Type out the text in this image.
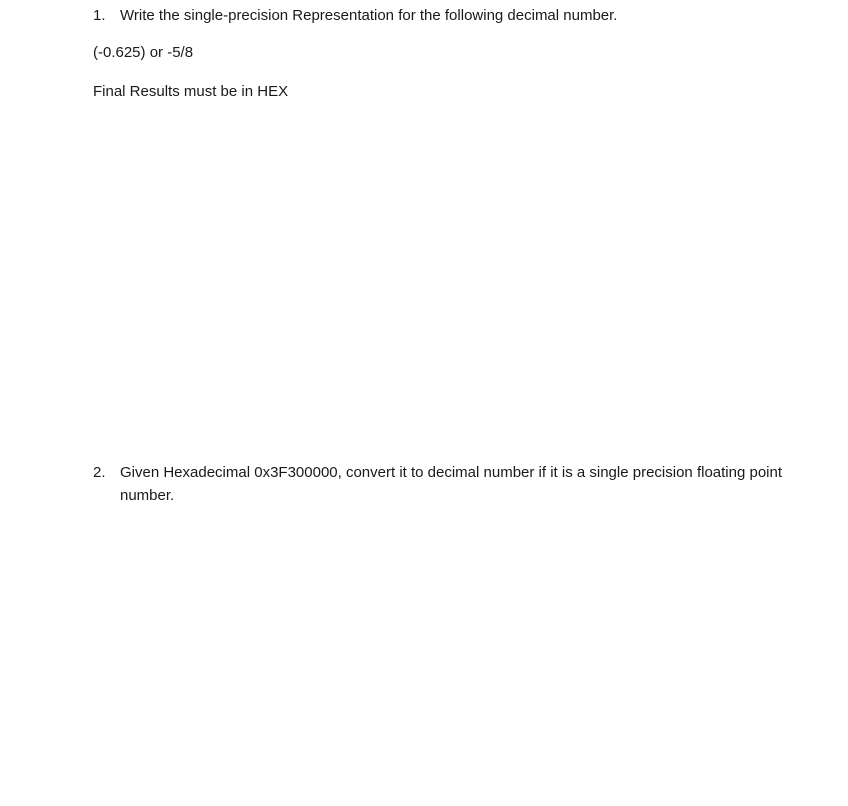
1. Write the single-precision Representation for the following decimal number.
(-0.625) or -5/8
Final Results must be in HEX
2. Given Hexadecimal 0x3F300000, convert it to decimal number if it is a single precision floating point number.
